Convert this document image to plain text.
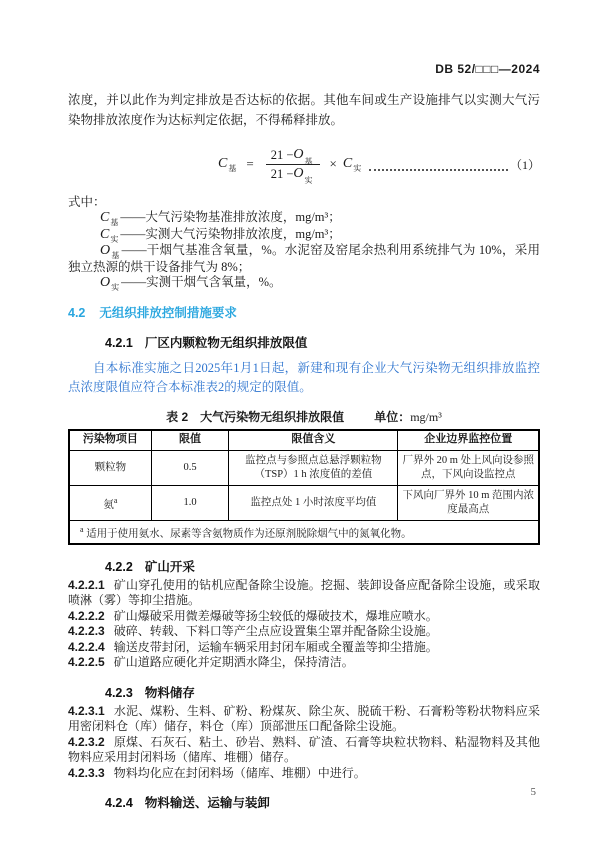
DB 52/□□□—2024

浓度，并以此作为判定排放是否达标的依据。其他车间或生产设施排气以实测大气污染物排放浓度作为达标判定依据，不得稀释排放。

C 基 = $\frac{\text{21 − O 基}}{\text{21 − O 实}} \times C$ 实	（1）

式中：

$C_基$ ——大气污染物基准排放浓度，mg/m³；

$C_实$ ——实测大气污染物排放浓度，mg/m³；

$O_基$ ——干烟气基准含氧量，%。水泥窑及窑尾余热利用系统排气为 10%，采用独立热源的烘干设备排气为 8%；

$O_实$ ——实测干烟气含氧量，%。

4.2 无组织排放控制措施要求
4.2.1 厂区内颗粒物无组织排放限值

自本标准实施之日2025年1月1日起，新建和现有企业大气污染物无组织排放监控点浓度限值应符合本标准表2的规定的限值。

表 2　大气污染物无组织排放限值	单位：mg/m³
污染物项目	限值	限值含义	企业边界监控位置
颗粒物	0.5	监控点与参照点总悬浮颗粒物（TSP）1 h 浓度值的差值	厂界外 20 m 处上风向设参照点，下风向设监控点
氨$^a$	1.0	监控点处 1 小时浓度平均值	下风向厂界外 10 m 范围内浓度最高点
$^a$ 适用于使用氨水、尿素等含氨物质作为还原剂脱除烟气中的氮氧化物。			
4.2.2 矿山开采

4.2.2.1 矿山穿孔使用的钻机应配备除尘设施。挖掘、装卸设备应配备除尘设施，或采取喷淋（雾）等抑尘措施。

4.2.2.2 矿山爆破采用微差爆破等扬尘较低的爆破技术，爆堆应喷水。

4.2.2.3 破碎、转载、下料口等产尘点应设置集尘罩并配备除尘设施。

4.2.2.4 输送皮带封闭，运输车辆采用封闭车厢或全覆盖等抑尘措施。

4.2.2.5 矿山道路应硬化并定期洒水降尘，保持清洁。

4.2.3 物料储存

4.2.3.1 水泥、煤粉、生料、矿粉、粉煤灰、除尘灰、脱硫干粉、石膏粉等粉状物料应采用密闭料仓（库）储存，料仓（库）顶部泄压口配备除尘设施。

4.2.3.2 原煤、石灰石、粘土、砂岩、熟料、矿渣、石膏等块粒状物料、粘湿物料及其他物料应采用封闭料场（储库、堆棚）储存。

4.2.3.3 物料均化应在封闭料场（储库、堆棚）中进行。

4.2.4 物料输送、运输与装卸
5
